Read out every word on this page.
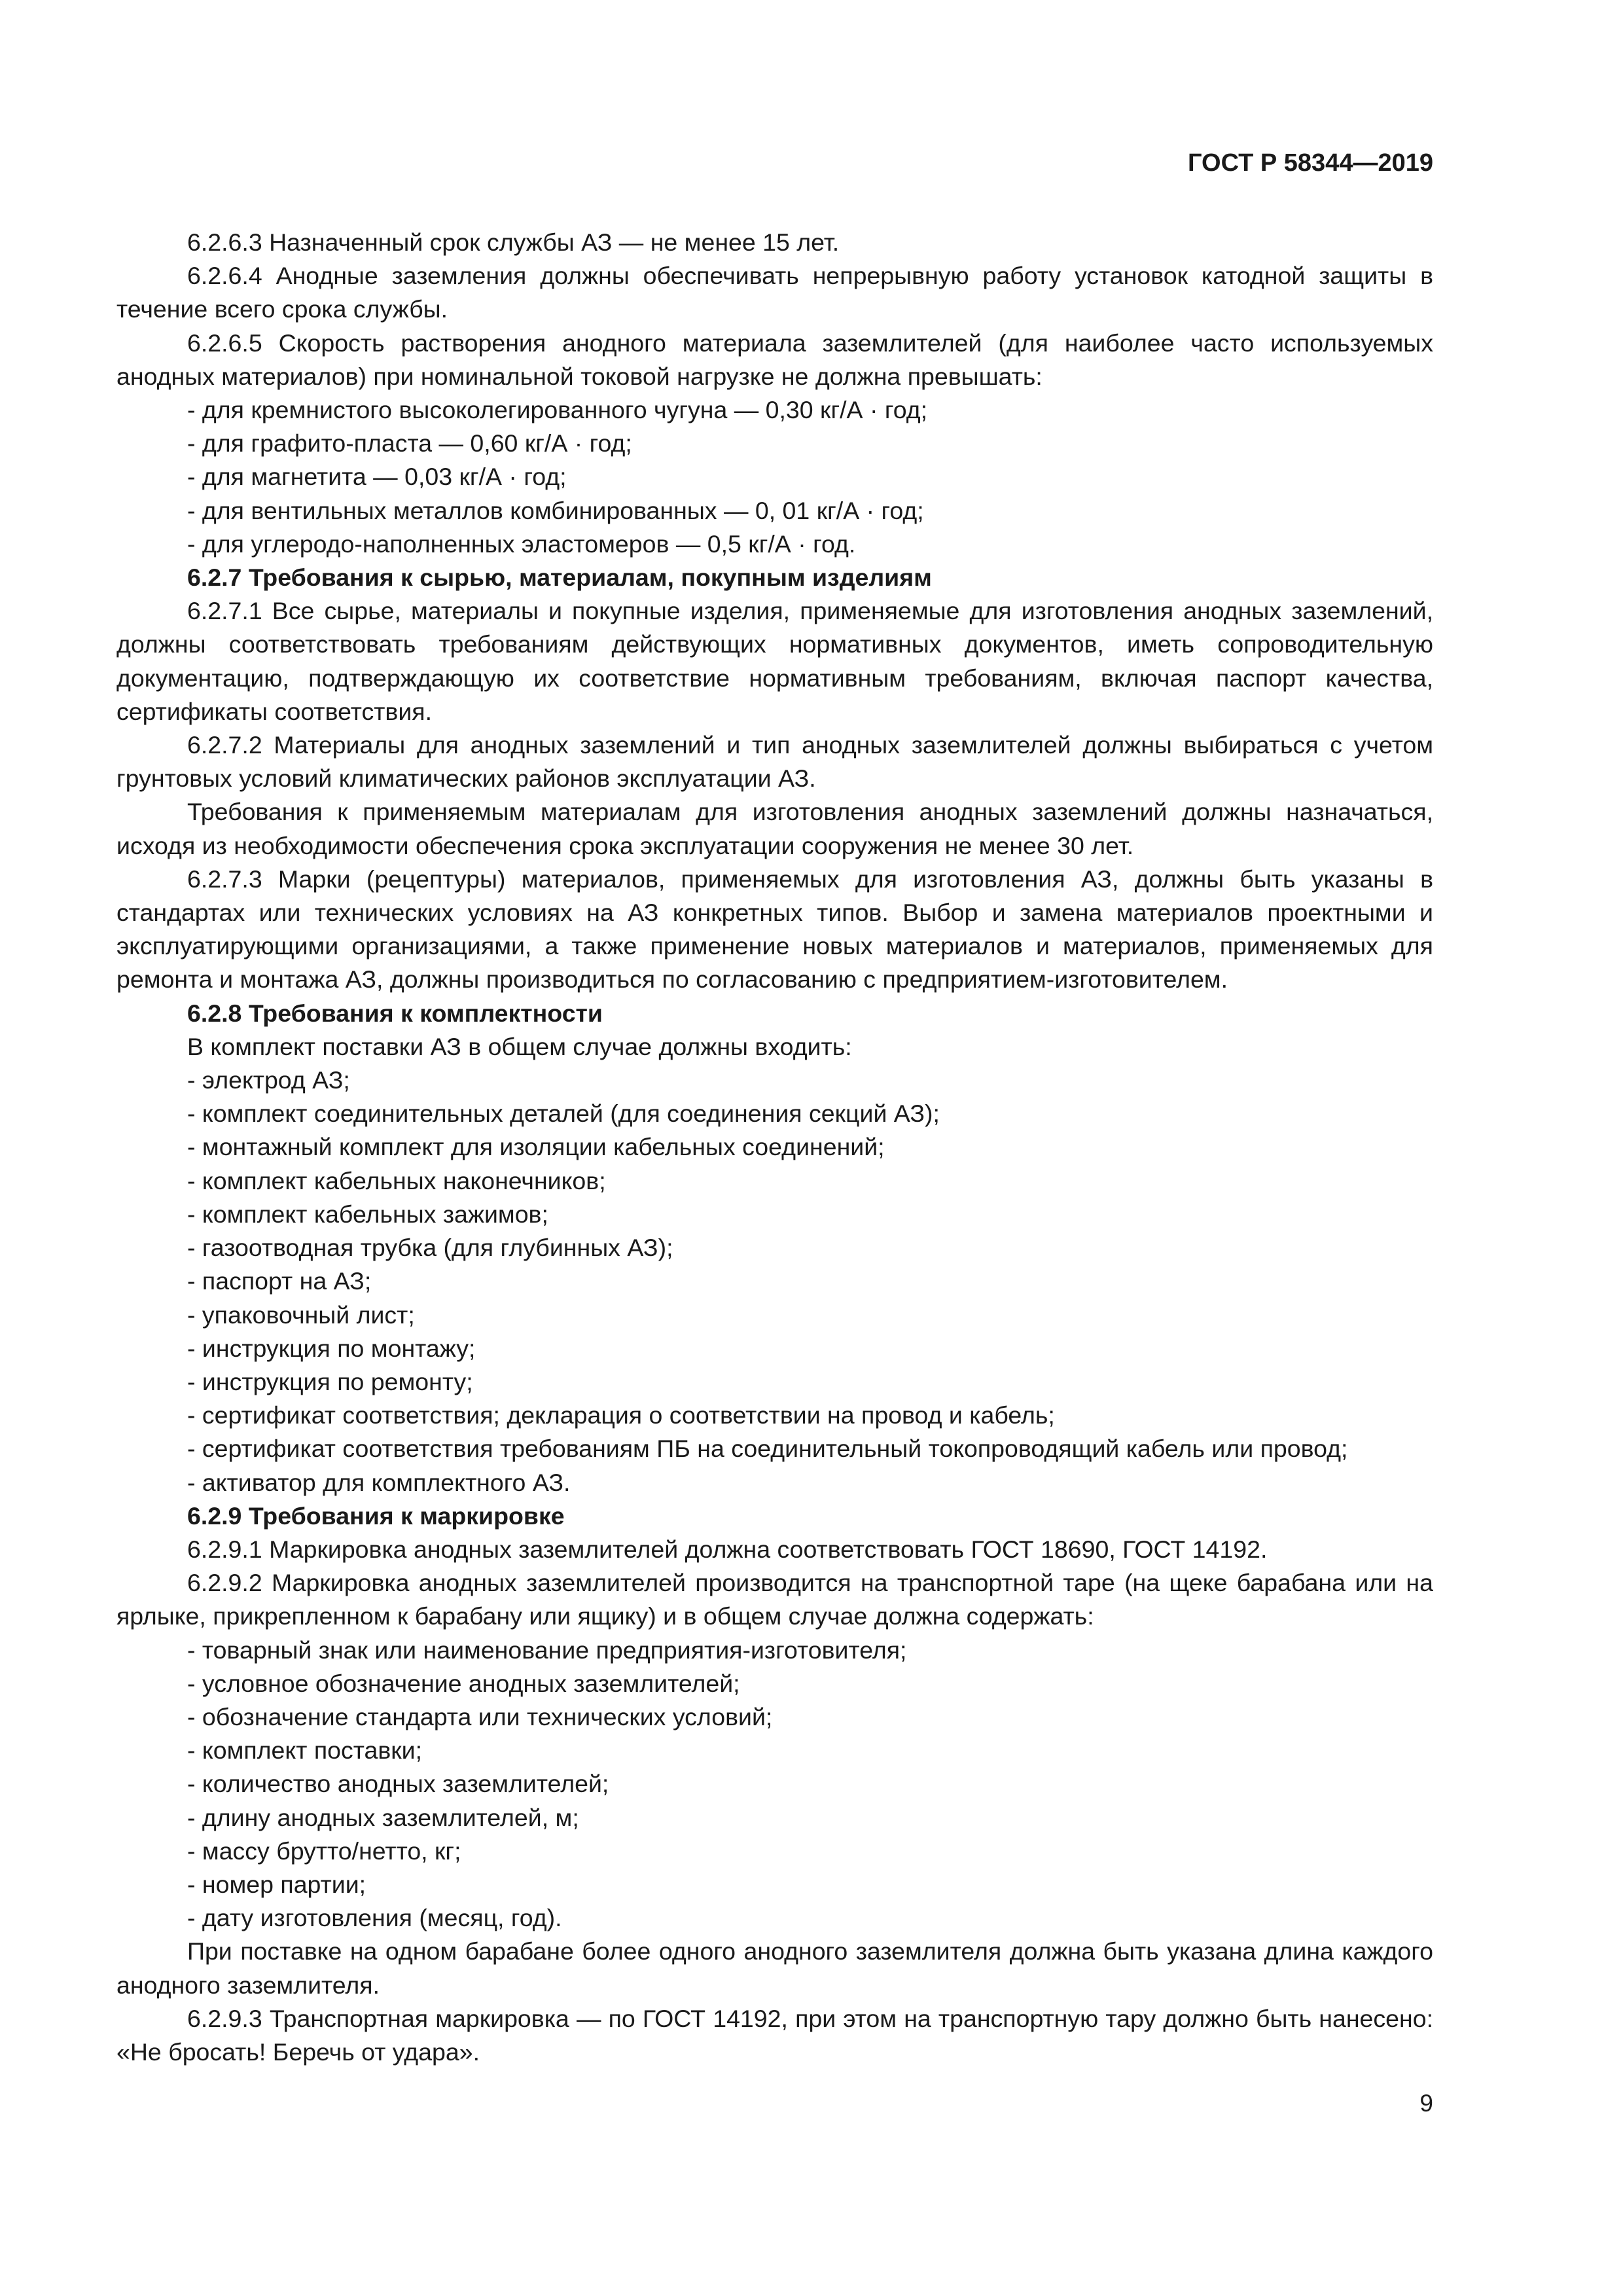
ГОСТ Р 58344—2019
6.2.6.3 Назначенный срок службы АЗ — не менее 15 лет.
6.2.6.4 Анодные заземления должны обеспечивать непрерывную работу установок катодной защиты в течение всего срока службы.
6.2.6.5 Скорость растворения анодного материала заземлителей (для наиболее часто используемых анодных материалов) при номинальной токовой нагрузке не должна превышать:
- для кремнистого высоколегированного чугуна — 0,30 кг/А · год;
- для графито-пласта — 0,60 кг/А · год;
- для магнетита — 0,03 кг/А · год;
- для вентильных металлов комбинированных — 0, 01 кг/А · год;
- для углеродо-наполненных эластомеров — 0,5 кг/А · год.
6.2.7 Требования к сырью, материалам, покупным изделиям
6.2.7.1 Все сырье, материалы и покупные изделия, применяемые для изготовления анодных заземлений, должны соответствовать требованиям действующих нормативных документов, иметь сопроводительную документацию, подтверждающую их соответствие нормативным требованиям, включая паспорт качества, сертификаты соответствия.
6.2.7.2 Материалы для анодных заземлений и тип анодных заземлителей должны выбираться с учетом грунтовых условий климатических районов эксплуатации АЗ.
Требования к применяемым материалам для изготовления анодных заземлений должны назначаться, исходя из необходимости обеспечения срока эксплуатации сооружения не менее 30 лет.
6.2.7.3 Марки (рецептуры) материалов, применяемых для изготовления АЗ, должны быть указаны в стандартах или технических условиях на АЗ конкретных типов. Выбор и замена материалов проектными и эксплуатирующими организациями, а также применение новых материалов и материалов, применяемых для ремонта и монтажа АЗ, должны производиться по согласованию с предприятием-изготовителем.
6.2.8 Требования к комплектности
В комплект поставки АЗ в общем случае должны входить:
- электрод АЗ;
- комплект соединительных деталей (для соединения секций АЗ);
- монтажный комплект для изоляции кабельных соединений;
- комплект кабельных наконечников;
- комплект кабельных зажимов;
- газоотводная трубка (для глубинных АЗ);
- паспорт на АЗ;
- упаковочный лист;
- инструкция по монтажу;
- инструкция по ремонту;
- сертификат соответствия; декларация о соответствии на провод и кабель;
- сертификат соответствия требованиям ПБ на соединительный токопроводящий кабель или провод;
- активатор для комплектного АЗ.
6.2.9 Требования к маркировке
6.2.9.1 Маркировка анодных заземлителей должна соответствовать ГОСТ 18690, ГОСТ 14192.
6.2.9.2 Маркировка анодных заземлителей производится на транспортной таре (на щеке барабана или на ярлыке, прикрепленном к барабану или ящику) и в общем случае должна содержать:
- товарный знак или наименование предприятия-изготовителя;
- условное обозначение анодных заземлителей;
- обозначение стандарта или технических условий;
- комплект поставки;
- количество анодных заземлителей;
- длину анодных заземлителей, м;
- массу брутто/нетто, кг;
- номер партии;
- дату изготовления (месяц, год).
При поставке на одном барабане более одного анодного заземлителя должна быть указана длина каждого анодного заземлителя.
6.2.9.3 Транспортная маркировка — по ГОСТ 14192, при этом на транспортную тару должно быть нанесено: «Не бросать! Беречь от удара».
9
